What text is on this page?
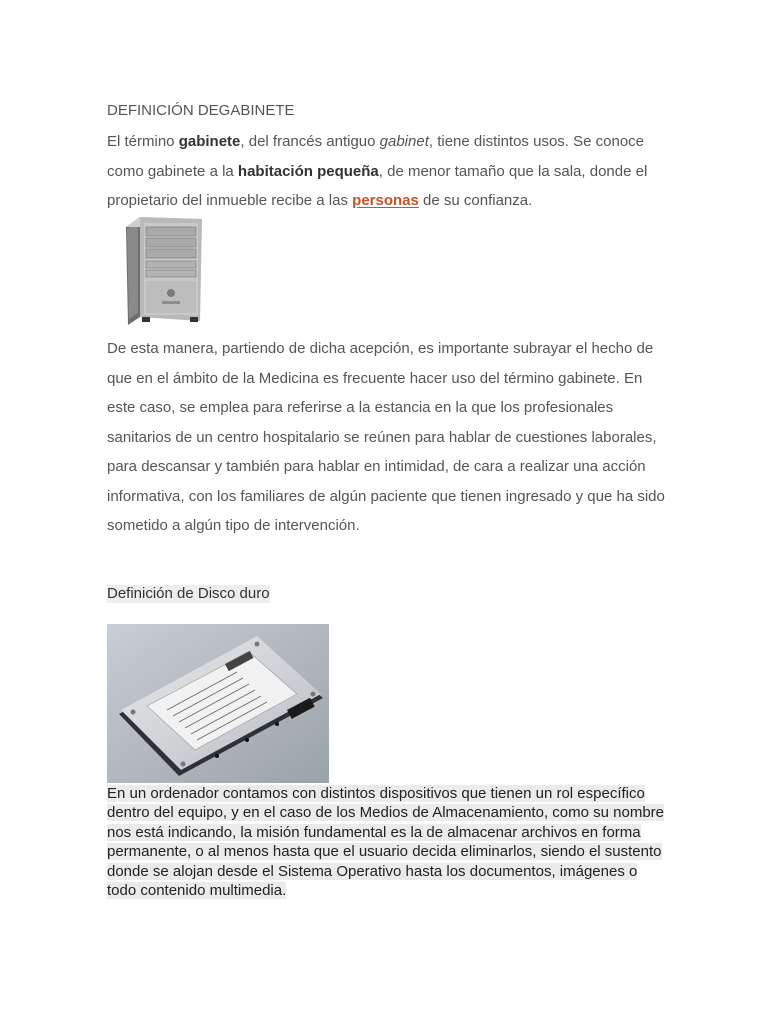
DEFINICIÓN DEGABINETE
El término gabinete, del francés antiguo gabinet, tiene distintos usos. Se conoce como gabinete a la habitación pequeña, de menor tamaño que la sala, donde el propietario del inmueble recibe a las personas de su confianza.
De esta manera, partiendo de dicha acepción, es importante subrayar el hecho de que en el ámbito de la Medicina es frecuente hacer uso del término gabinete. En este caso, se emplea para referirse a la estancia en la que los profesionales sanitarios de un centro hospitalario se reúnen para hablar de cuestiones laborales, para descansar y también para hablar en intimidad, de cara a realizar una acción informativa, con los familiares de algún paciente que tienen ingresado y que ha sido sometido a algún tipo de intervención.
Definición de Disco duro
En un ordenador contamos con distintos dispositivos que tienen un rol específico dentro del equipo, y en el caso de los Medios de Almacenamiento, como su nombre nos está indicando, la misión fundamental es la de almacenar archivos en forma permanente, o al menos hasta que el usuario decida eliminarlos, siendo el sustento donde se alojan desde el Sistema Operativo hasta los documentos, imágenes o todo contenido multimedia.
